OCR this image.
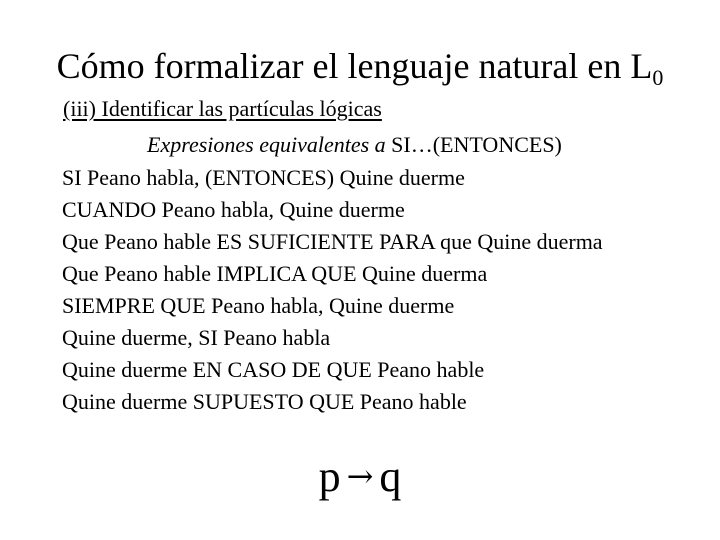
Cómo formalizar el lenguaje natural en $L_0$
(iii) Identificar las partículas lógicas
Expresiones equivalentes a SI…(ENTONCES)
SI Peano habla, (ENTONCES) Quine duerme
CUANDO Peano habla, Quine duerme
Que Peano hable ES SUFICIENTE PARA que Quine duerma
Que Peano hable IMPLICA QUE Quine duerma
SIEMPRE QUE Peano habla, Quine duerme
Quine duerme, SI Peano habla
Quine duerme EN CASO DE QUE Peano hable
Quine duerme SUPUESTO QUE Peano hable
p → q
